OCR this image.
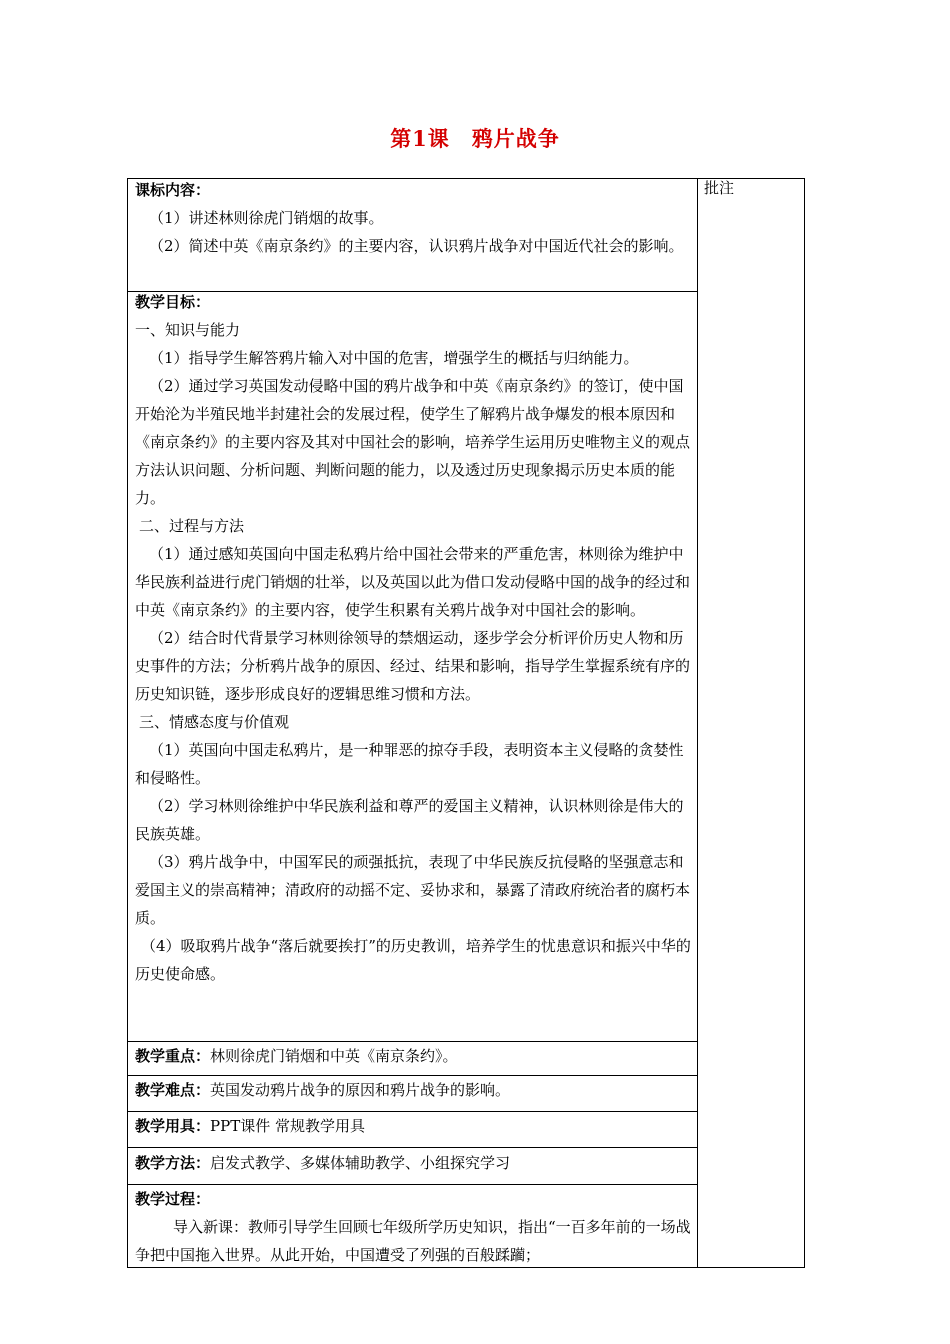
第1课　鸦片战争
批注

课标内容：

（1）讲述林则徐虎门销烟的故事。

（2）简述中英《南京条约》的主要内容，认识鸦片战争对中国近代社会的影响。

教学目标：

一、知识与能力

（1）指导学生解答鸦片输入对中国的危害，增强学生的概括与归纳能力。

（2）通过学习英国发动侵略中国的鸦片战争和中英《南京条约》的签订，使中国开始沦为半殖民地半封建社会的发展过程，使学生了解鸦片战争爆发的根本原因和《南京条约》的主要内容及其对中国社会的影响，培养学生运用历史唯物主义的观点方法认识问题、分析问题、判断问题的能力，以及透过历史现象揭示历史本质的能力。

二、过程与方法

（1）通过感知英国向中国走私鸦片给中国社会带来的严重危害，林则徐为维护中华民族利益进行虎门销烟的壮举，以及英国以此为借口发动侵略中国的战争的经过和中英《南京条约》的主要内容，使学生积累有关鸦片战争对中国社会的影响。

（2）结合时代背景学习林则徐领导的禁烟运动，逐步学会分析评价历史人物和历史事件的方法；分析鸦片战争的原因、经过、结果和影响，指导学生掌握系统有序的历史知识链，逐步形成良好的逻辑思维习惯和方法。

三、情感态度与价值观

（1）英国向中国走私鸦片，是一种罪恶的掠夺手段，表明资本主义侵略的贪婪性和侵略性。

（2）学习林则徐维护中华民族利益和尊严的爱国主义精神，认识林则徐是伟大的民族英雄。

（3）鸦片战争中，中国军民的顽强抵抗，表现了中华民族反抗侵略的坚强意志和爱国主义的崇高精神；清政府的动摇不定、妥协求和，暴露了清政府统治者的腐朽本质。

（4）吸取鸦片战争“落后就要挨打”的历史教训，培养学生的忧患意识和振兴中华的历史使命感。

教学重点：林则徐虎门销烟和中英《南京条约》。

教学难点：英国发动鸦片战争的原因和鸦片战争的影响。

教学用具：PPT课件 常规教学用具

教学方法：启发式教学、多媒体辅助教学、小组探究学习

教学过程：

导入新课：教师引导学生回顾七年级所学历史知识，指出“一百多年前的一场战争把中国拖入世界。从此开始，中国遭受了列强的百般蹂躏；
